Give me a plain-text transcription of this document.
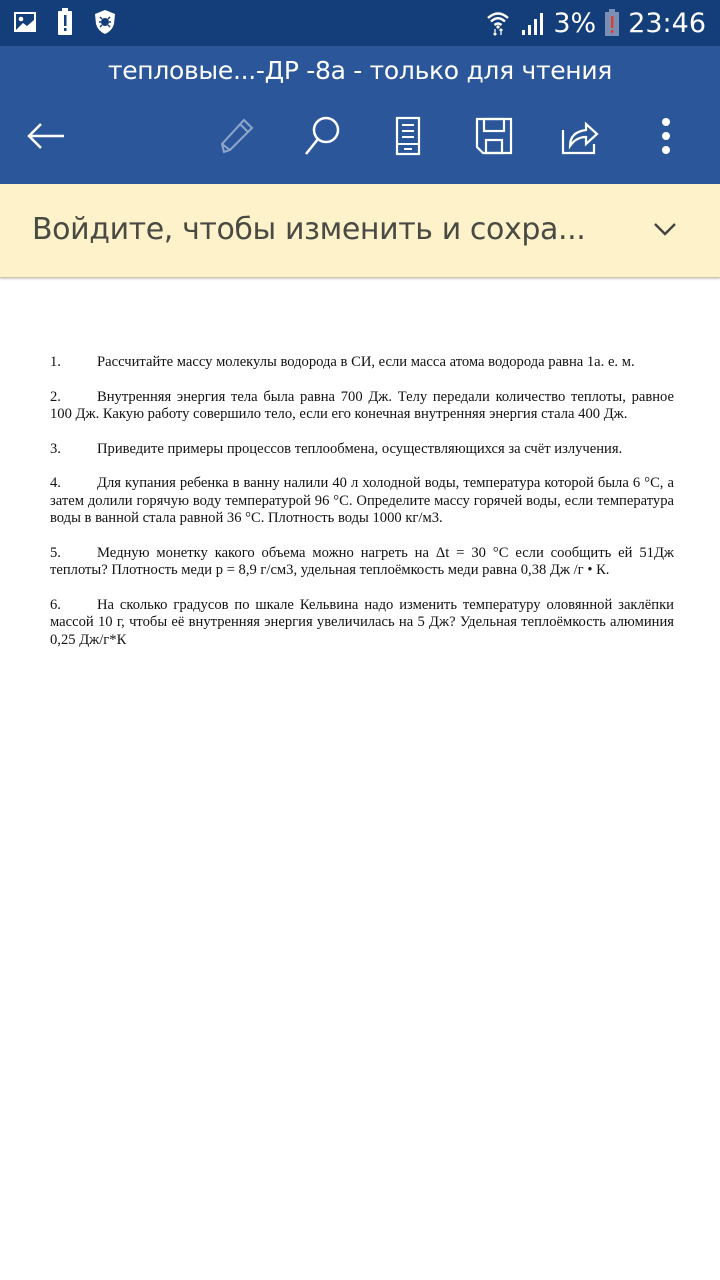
3% 23:46
тепловые...-ДР -8а - только для чтения
Войдите, чтобы изменить и сохра...
1. Рассчитайте массу молекулы водорода в СИ, если масса атома водорода равна 1а. е. м.
2. Внутренняя энергия тела была равна 700 Дж. Телу передали количество теплоты, равное 100 Дж. Какую работу совершило тело, если его конечная внутренняя энергия стала 400 Дж.
3. Приведите примеры процессов теплообмена, осуществляющихся за счёт излучения.
4. Для купания ребенка в ванну налили 40 л холодной воды, температура которой была 6 °С, а затем долили горячую воду температурой 96 °С. Определите массу горячей воды, если температура воды в ванной стала равной 36 °С. Плотность воды 1000 кг/м3.
5. Медную монетку какого объема можно нагреть на Δt = 30 °С если сообщить ей 51Дж теплоты? Плотность меди p = 8,9 г/см3, удельная теплоёмкость меди равна 0,38 Дж /г • К.
6. На сколько градусов по шкале Кельвина надо изменить температуру оловянной заклёпки массой 10 г, чтобы её внутренняя энергия увеличилась на 5 Дж? Удельная теплоёмкость алюминия 0,25 Дж/г*К
